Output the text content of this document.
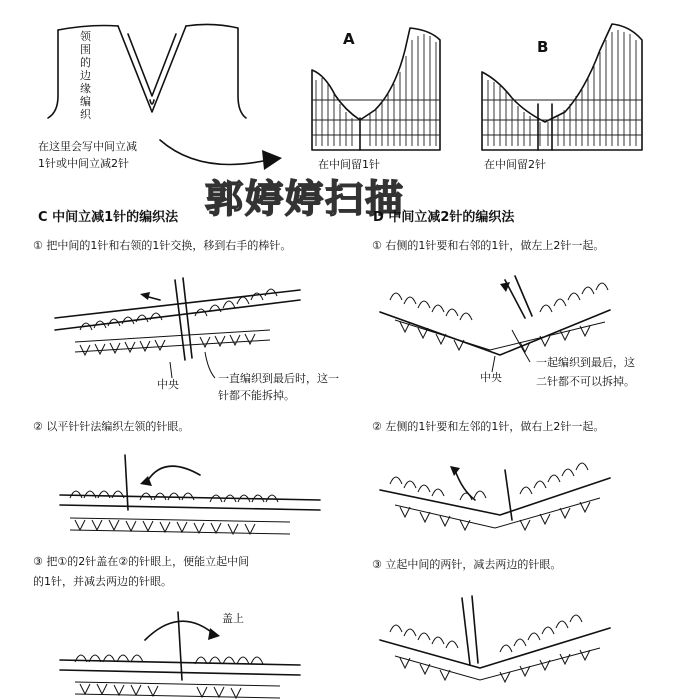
领围的边缘编织
在这里会写中间立减
1针或中间立减2针
A	B
在中间留1针	在中间留2针
郭婷婷扫描
C 中间立减1针的编织法
① 把中间的1针和右领的1针交换，移到右手的棒针。
中央	一直编织到最后时，这一
针都不能拆掉。
② 以平针针法编织左领的针眼。
③ 把①的2针盖在②的针眼上，便能立起中间
的1针，并减去两边的针眼。
盖上
D 中间立减2针的编织法
① 右侧的1针要和右邻的1针，做左上2针一起。
中央
一起编织到最后，这
二针都不可以拆掉。
② 左侧的1针要和左邻的1针，做右上2针一起。
③ 立起中间的两针，减去两边的针眼。
